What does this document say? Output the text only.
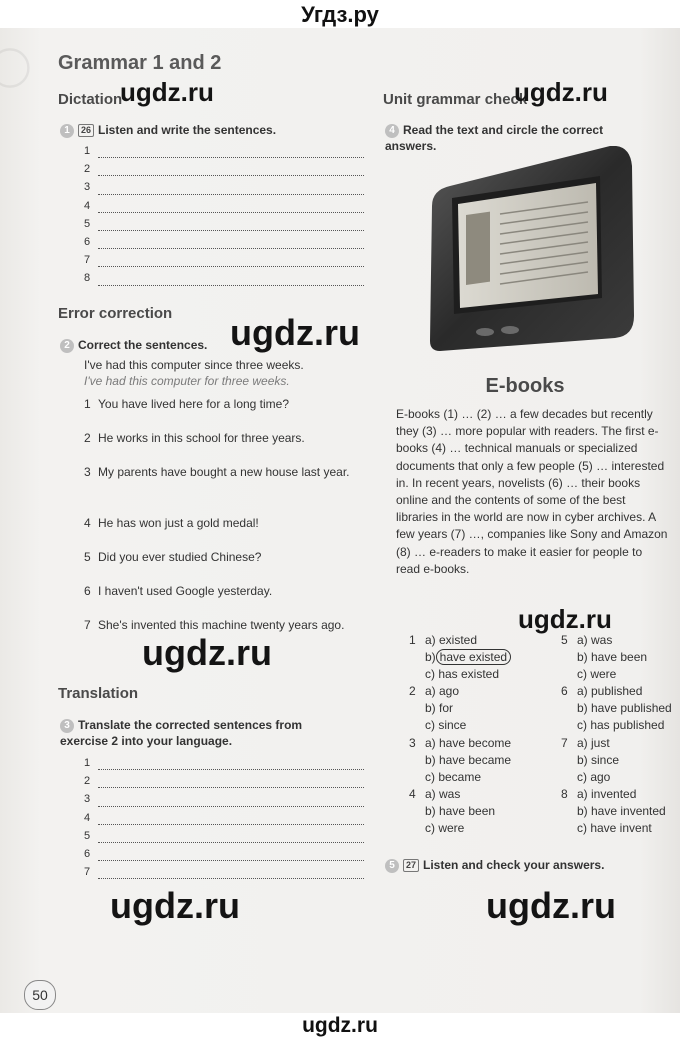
Угдз.ру
Grammar 1 and 2
Dictation
1 26 Listen and write the sentences.
1
2
3
4
5
6
7
8
Error correction
2 Correct the sentences.
I've had this computer since three weeks.
I've had this computer for three weeks.
1 You have lived here for a long time?
2 He works in this school for three years.
3 My parents have bought a new house last year.
4 He has won just a gold medal!
5 Did you ever studied Chinese?
6 I haven't used Google yesterday.
7 She's invented this machine twenty years ago.
Translation
3 Translate the corrected sentences from exercise 2 into your language.
1
2
3
4
5
6
7
Unit grammar check
4 Read the text and circle the correct answers.
E-books
E-books (1) … (2) … a few decades but recently they (3) … more popular with readers. The first e-books (4) … technical manuals or specialized documents that only a few people (5) … interested in. In recent years, novelists (6) … their books online and the contents of some of the best libraries in the world are now in cyber archives. A few years (7) …, companies like Sony and Amazon (8) … e-readers to make it easier for people to read e-books.
1 a) existed
b) have existed
c) has existed
2 a) ago
b) for
c) since
3 a) have become
b) have became
c) became
4 a) was
b) have been
c) were
5 a) was
b) have been
c) were
6 a) published
b) have published
c) has published
7 a) just
b) since
c) ago
8 a) invented
b) have invented
c) have invent
5 27 Listen and check your answers.
50
ugdz.ru	ugdz.ru
ugdz.ru
ugdz.ru
ugdz.ru
ugdz.ru	ugdz.ru
ugdz.ru
